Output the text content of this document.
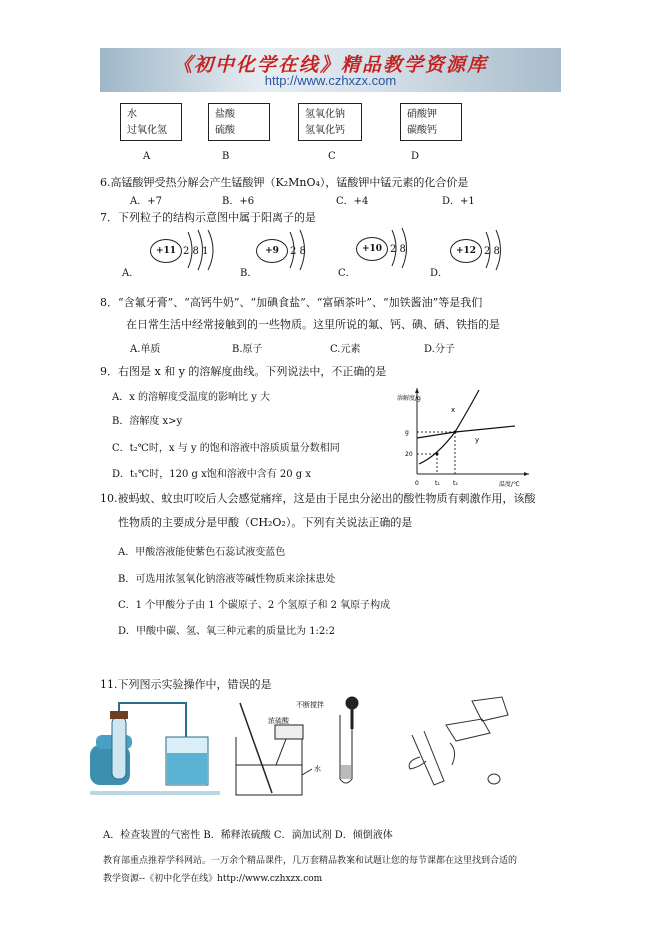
《初中化学在线》精品教学资源库
http://www.czhxzx.com
水
过氧化氢
盐酸
硫酸
氢氧化钠
氢氧化钙
硝酸钾
碳酸钙
A	B	C	D
6.高锰酸钾受热分解会产生锰酸钾（K₂MnO₄），锰酸钾中锰元素的化合价是
A．+7	B．+6	C．+4	D．+1
7．下列粒子的结构示意图中属于阳离子的是
A．
+11 2 8 1
B．
+9	2 8
C．
+10 2 8
D．
+12 2 8
8．“含氟牙膏”、“高钙牛奶”、“加碘食盐”、“富硒茶叶”、“加铁酱油”等是我们
在日常生活中经常接触到的一些物质。这里所说的氟、钙、碘、硒、铁指的是
A.单质	B.原子	C.元素	D.分子
9．右图是 x 和 y 的溶解度曲线。下列说法中，不正确的是
A．x 的溶解度受温度的影响比 y 大
B．溶解度 x>y
C．t₂℃时，x 与 y 的饱和溶液中溶质质量分数相同
D．t₁℃时，120 g x饱和溶液中含有 20 g x
溶解度/g
温度/℃
0	t₁ t₂
20
g
x
y
10.被蚂蚁、蚊虫叮咬后人会感觉痛痒，这是由于昆虫分泌出的酸性物质有刺激作用，该酸
性物质的主要成分是甲酸（CH₂O₂）。下列有关说法正确的是
A．甲酸溶液能使紫色石蕊试液变蓝色
B．可选用浓氢氧化钠溶液等碱性物质来涂抹患处
C．1 个甲酸分子由 1 个碳原子、2 个氢原子和 2 氧原子构成
D．甲酸中碳、氢、氧三种元素的质量比为 1:2:2
11.下列图示实验操作中，错误的是
不断搅拌
浓硫酸
水
A．检查装置的气密性 B．稀释浓硫酸 C．滴加试剂 D．倾倒液体
教育部重点推荐学科网站。一万余个精品课件，几万套精品教案和试题让您的每节课都在这里找到合适的
教学资源--《初中化学在线》http://www.czhxzx.com
